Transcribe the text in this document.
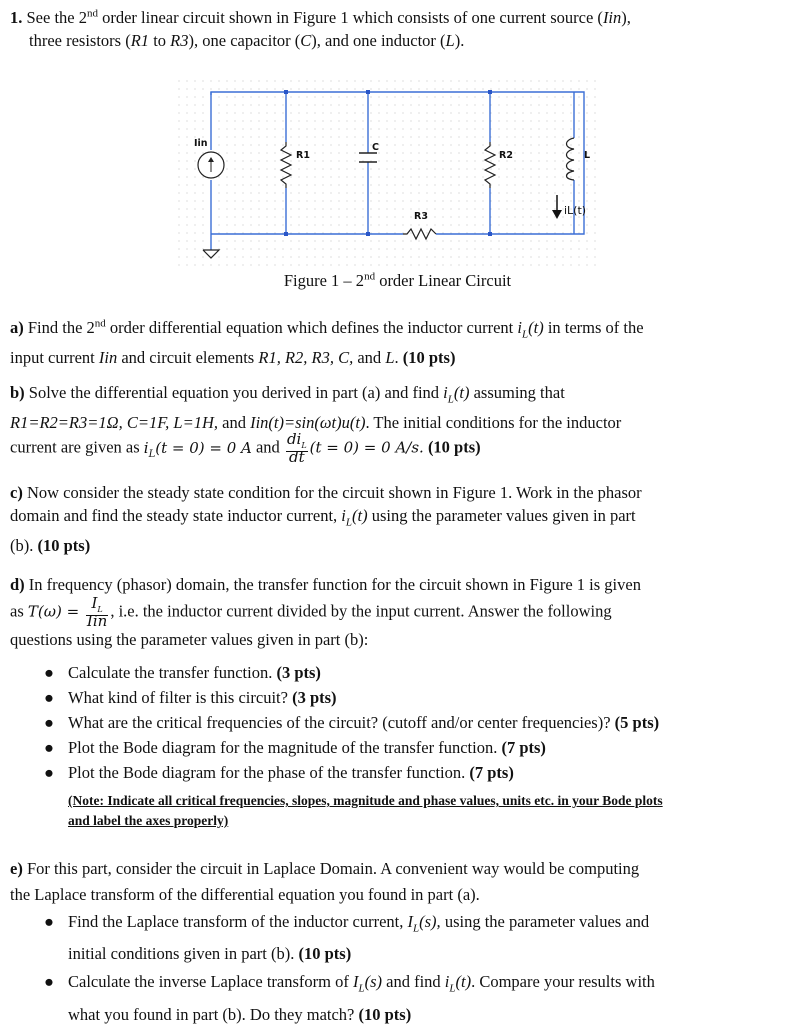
1. See the 2nd order linear circuit shown in Figure 1 which consists of one current source (Iin),
three resistors (R1 to R3), one capacitor (C), and one inductor (L).
Iin
R1
C
R2	L
R3	iL(t)
Figure 1 – 2nd order Linear Circuit
a) Find the 2nd order differential equation which defines the inductor current $i_L(t)$ in terms of the
input current Iin and circuit elements R1, R2, R3, C, and L. (10 pts)
b) Solve the differential equation you derived in part (a) and find $i_L(t)$ assuming that
R1=R2=R3=1Ω, C=1F, L=1H, and Iin(t)=sin(ωt)u(t). The initial conditions for the inductor
current are given as $i_L(t = 0) = 0$ A and $\frac{di_L}{dt} (t = 0) = 0$ A/s. (10 pts)
c) Now consider the steady state condition for the circuit shown in Figure 1. Work in the phasor
domain and find the steady state inductor current, $i_L(t)$ using the parameter values given in part
(b). (10 pts)
d) In frequency (phasor) domain, the transfer function for the circuit shown in Figure 1 is given
as $T(\omega) = \frac{I_L}{\text{Iin}}$ , i.e. the inductor current divided by the input current. Answer the following
questions using the parameter values given in part (b):
● Calculate the transfer function. (3 pts)
● What kind of filter is this circuit? (3 pts)
● What are the critical frequencies of the circuit? (cutoff and/or center frequencies)? (5 pts)
● Plot the Bode diagram for the magnitude of the transfer function. (7 pts)
● Plot the Bode diagram for the phase of the transfer function. (7 pts)
(Note: Indicate all critical frequencies, slopes, magnitude and phase values, units etc. in your Bode plots
and label the axes properly)
e) For this part, consider the circuit in Laplace Domain. A convenient way would be computing
the Laplace transform of the differential equation you found in part (a).
● Find the Laplace transform of the inductor current, $I_L(s)$, using the parameter values and
initial conditions given in part (b). (10 pts)
● Calculate the inverse Laplace transform of $I_L(s)$ and find $i_L(t)$. Compare your results with
what you found in part (b). Do they match? (10 pts)
